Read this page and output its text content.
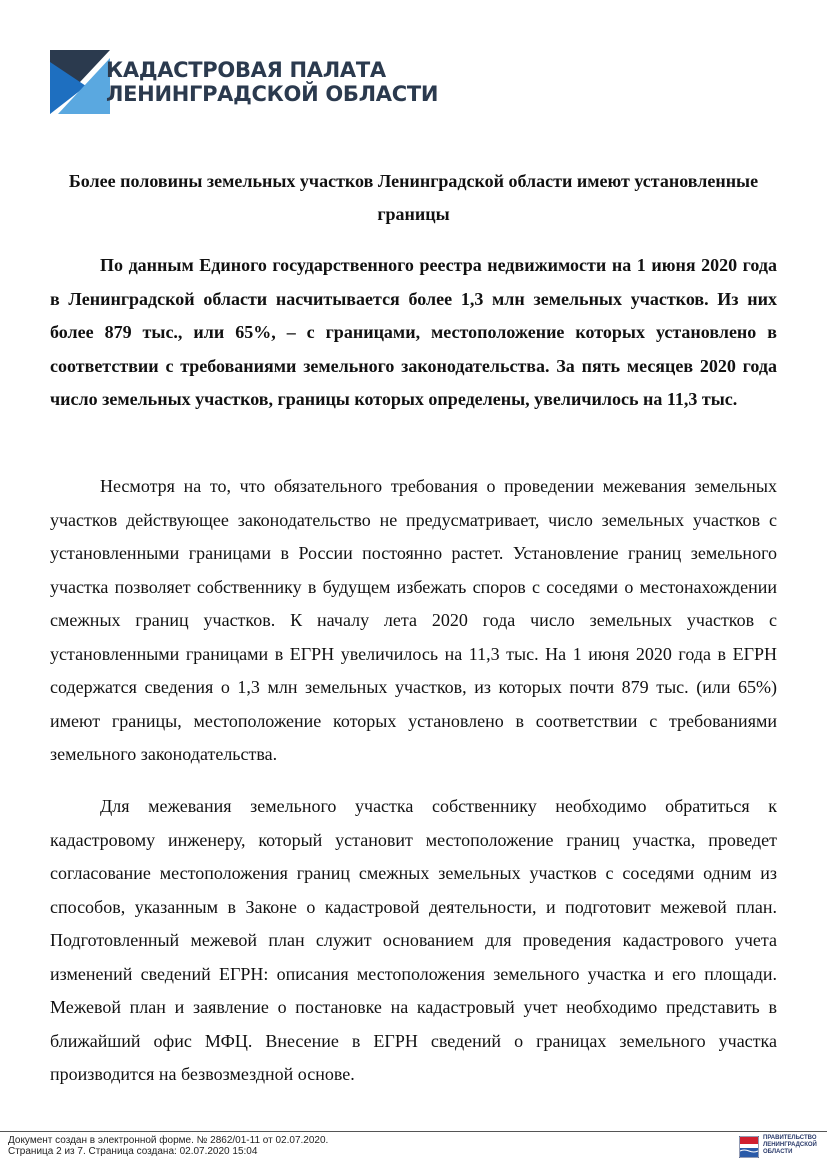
КАДАСТРОВАЯ ПАЛАТА
ЛЕНИНГРАДСКОЙ ОБЛАСТИ
Более половины земельных участков Ленинградской области имеют установленные границы

По данным Единого государственного реестра недвижимости на 1 июня 2020 года в Ленинградской области насчитывается более 1,3 млн земельных участков. Из них более 879 тыс., или 65%, – с границами, местоположение которых установлено в соответствии с требованиями земельного законодательства. За пять месяцев 2020 года число земельных участков, границы которых определены, увеличилось на 11,3 тыс.

Несмотря на то, что обязательного требования о проведении межевания земельных участков действующее законодательство не предусматривает, число земельных участков с установленными границами в России постоянно растет. Установление границ земельного участка позволяет собственнику в будущем избежать споров с соседями о местонахождении смежных границ участков. К началу лета 2020 года число земельных участков с установленными границами в ЕГРН увеличилось на 11,3 тыс. На 1 июня 2020 года в ЕГРН содержатся сведения о 1,3 млн земельных участков, из которых почти 879 тыс. (или 65%) имеют границы, местоположение которых установлено в соответствии с требованиями земельного законодательства.

Для межевания земельного участка собственнику необходимо обратиться к кадастровому инженеру, который установит местоположение границ участка, проведет согласование местоположения границ смежных земельных участков с соседями одним из способов, указанным в Законе о кадастровой деятельности, и подготовит межевой план. Подготовленный межевой план служит основанием для проведения кадастрового учета изменений сведений ЕГРН: описания местоположения земельного участка и его площади. Межевой план и заявление о постановке на кадастровый учет необходимо представить в ближайший офис МФЦ. Внесение в ЕГРН сведений о границах земельного участка производится на безвозмездной основе.

Документ создан в электронной форме. № 2862/01-11 от 02.07.2020.
Страница 2 из 7. Страница создана: 02.07.2020 15:04
ПРАВИТЕЛЬСТВО
ЛЕНИНГРАДСКОЙ
ОБЛАСТИ
